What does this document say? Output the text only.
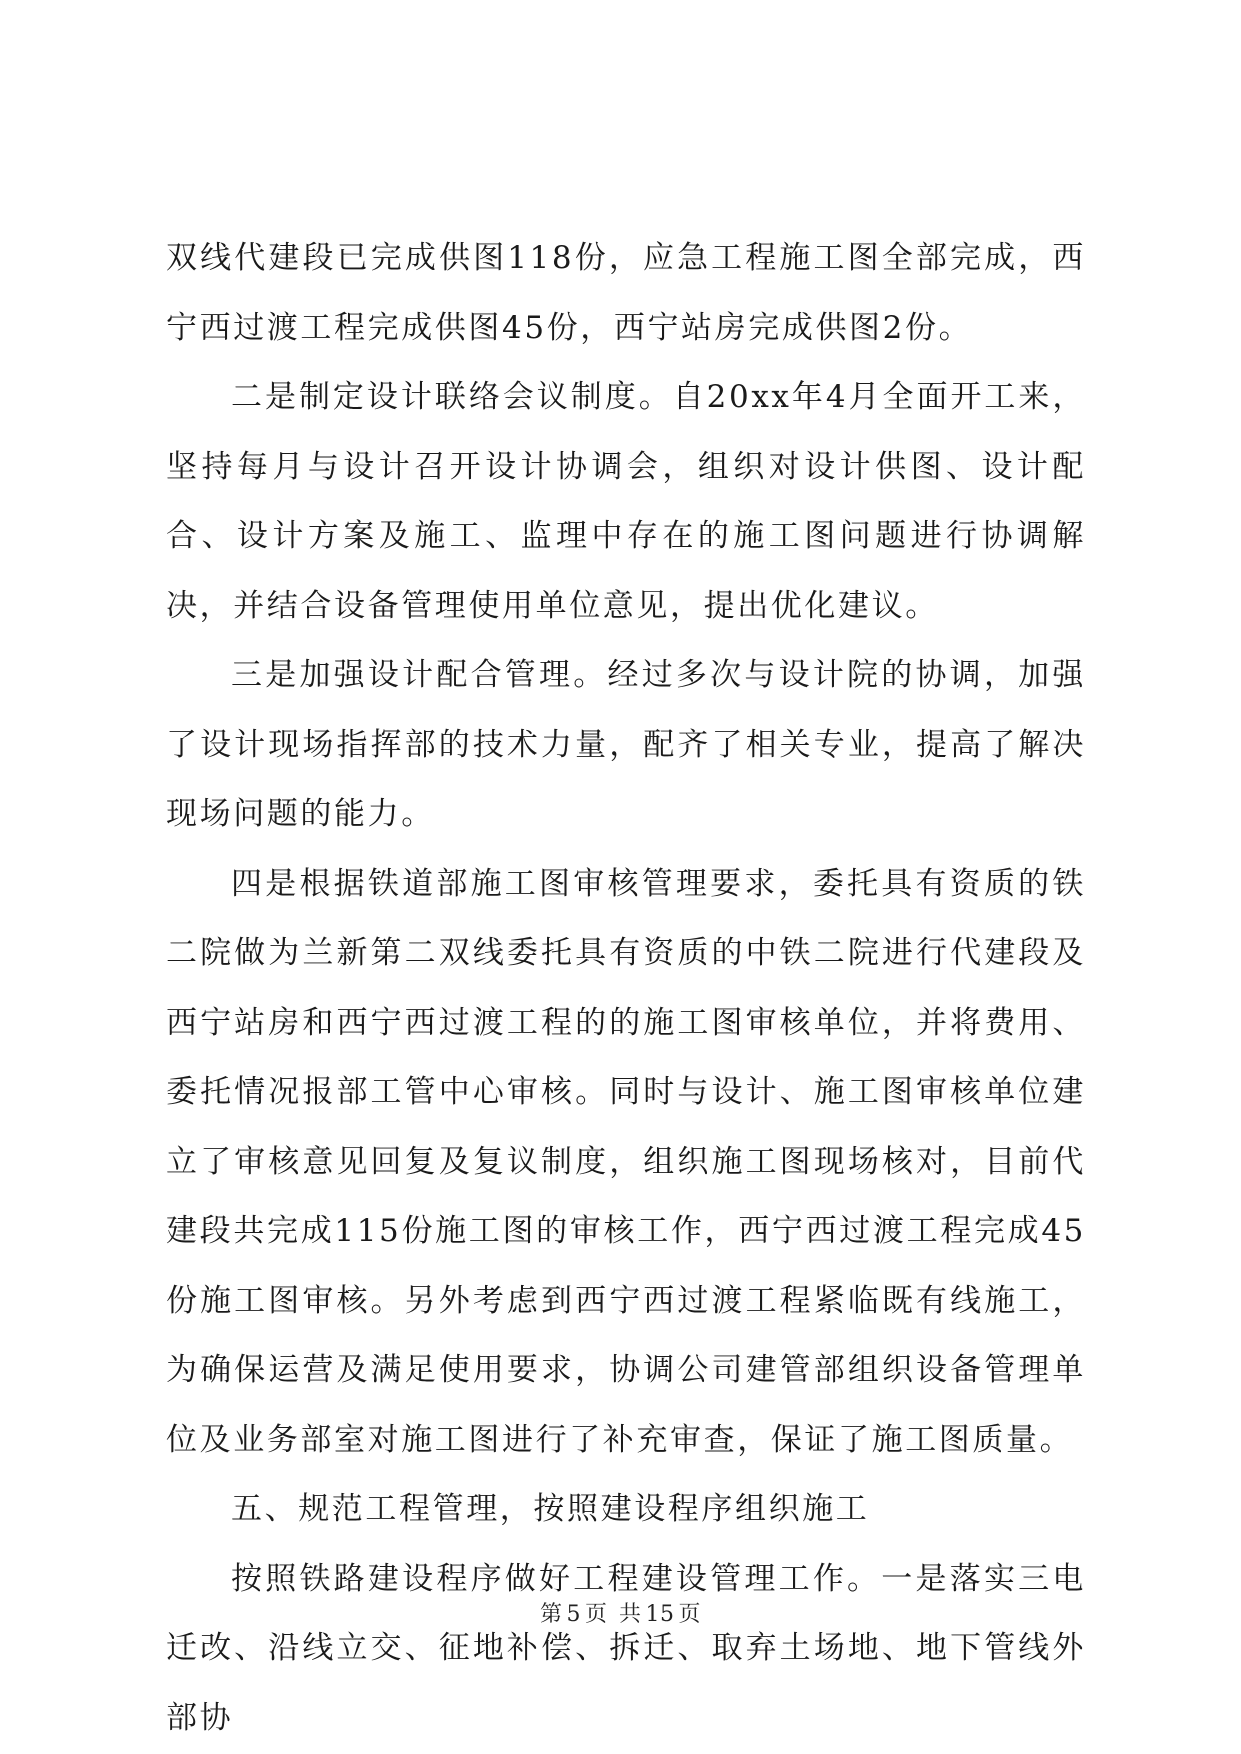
双线代建段已完成供图118份，应急工程施工图全部完成，西宁西过渡工程完成供图45份，西宁站房完成供图2份。

二是制定设计联络会议制度。自20xx年4月全面开工来，坚持每月与设计召开设计协调会，组织对设计供图、设计配合、设计方案及施工、监理中存在的施工图问题进行协调解决，并结合设备管理使用单位意见，提出优化建议。

三是加强设计配合管理。经过多次与设计院的协调，加强了设计现场指挥部的技术力量，配齐了相关专业，提高了解决现场问题的能力。

四是根据铁道部施工图审核管理要求，委托具有资质的铁二院做为兰新第二双线委托具有资质的中铁二院进行代建段及西宁站房和西宁西过渡工程的的施工图审核单位，并将费用、委托情况报部工管中心审核。同时与设计、施工图审核单位建立了审核意见回复及复议制度，组织施工图现场核对，目前代建段共完成115份施工图的审核工作，西宁西过渡工程完成45份施工图审核。另外考虑到西宁西过渡工程紧临既有线施工，为确保运营及满足使用要求，协调公司建管部组织设备管理单位及业务部室对施工图进行了补充审查，保证了施工图质量。

五、规范工程管理，按照建设程序组织施工

按照铁路建设程序做好工程建设管理工作。一是落实三电迁改、沿线立交、征地补偿、拆迁、取弃土场地、地下管线外部协

第 5 页 共 15 页
